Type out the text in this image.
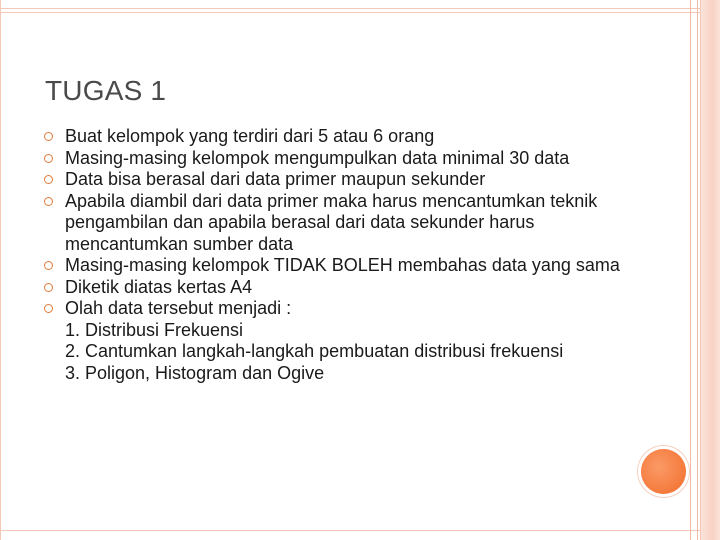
TUGAS 1
Buat kelompok yang terdiri dari 5 atau 6 orang
Masing-masing kelompok mengumpulkan data minimal 30 data
Data bisa berasal dari data primer maupun sekunder
Apabila diambil dari data primer maka harus mencantumkan teknik pengambilan dan apabila berasal dari data sekunder harus mencantumkan sumber data
Masing-masing kelompok TIDAK BOLEH membahas data yang sama
Diketik diatas kertas A4
Olah data tersebut menjadi :
1. Distribusi Frekuensi
2. Cantumkan langkah-langkah pembuatan distribusi frekuensi
3. Poligon, Histogram dan Ogive
